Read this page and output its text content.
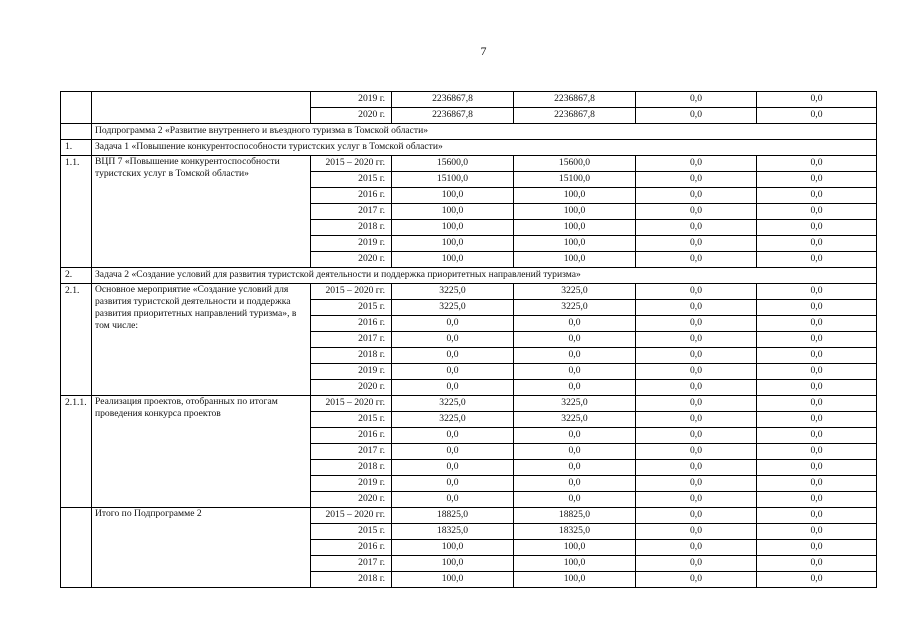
7
		2019 г.	2236867,8	2236867,8	0,0	0,0
		2020 г.	2236867,8	2236867,8	0,0	0,0
	Подпрограмма 2 «Развитие внутреннего и въездного туризма в Томской области»					
1.	Задача 1 «Повышение конкурентоспособности туристских услуг в Томской области»					
1.1.	ВЦП 7 «Повышение конкурентоспособности туристских услуг в Томской области»	2015 – 2020 гг.	15600,0	15600,0	0,0	0,0
		2015 г.	15100,0	15100,0	0,0	0,0
		2016 г.	100,0	100,0	0,0	0,0
		2017 г.	100,0	100,0	0,0	0,0
		2018 г.	100,0	100,0	0,0	0,0
		2019 г.	100,0	100,0	0,0	0,0
		2020 г.	100,0	100,0	0,0	0,0
2.	Задача 2 «Создание условий для развития туристской деятельности и поддержка приоритетных направлений туризма»					
2.1.	Основное мероприятие «Создание условий для развития туристской деятельности и поддержка развития приоритетных направлений туризма», в том числе:	2015 – 2020 гг.	3225,0	3225,0	0,0	0,0
		2015 г.	3225,0	3225,0	0,0	0,0
		2016 г.	0,0	0,0	0,0	0,0
		2017 г.	0,0	0,0	0,0	0,0
		2018 г.	0,0	0,0	0,0	0,0
		2019 г.	0,0	0,0	0,0	0,0
		2020 г.	0,0	0,0	0,0	0,0
2.1.1.	Реализация проектов, отобранных по итогам проведения конкурса проектов	2015 – 2020 гг.	3225,0	3225,0	0,0	0,0
		2015 г.	3225,0	3225,0	0,0	0,0
		2016 г.	0,0	0,0	0,0	0,0
		2017 г.	0,0	0,0	0,0	0,0
		2018 г.	0,0	0,0	0,0	0,0
		2019 г.	0,0	0,0	0,0	0,0
		2020 г.	0,0	0,0	0,0	0,0
	Итого по Подпрограмме 2	2015 – 2020 гг.	18825,0	18825,0	0,0	0,0
		2015 г.	18325,0	18325,0	0,0	0,0
		2016 г.	100,0	100,0	0,0	0,0
		2017 г.	100,0	100,0	0,0	0,0
		2018 г.	100,0	100,0	0,0	0,0
